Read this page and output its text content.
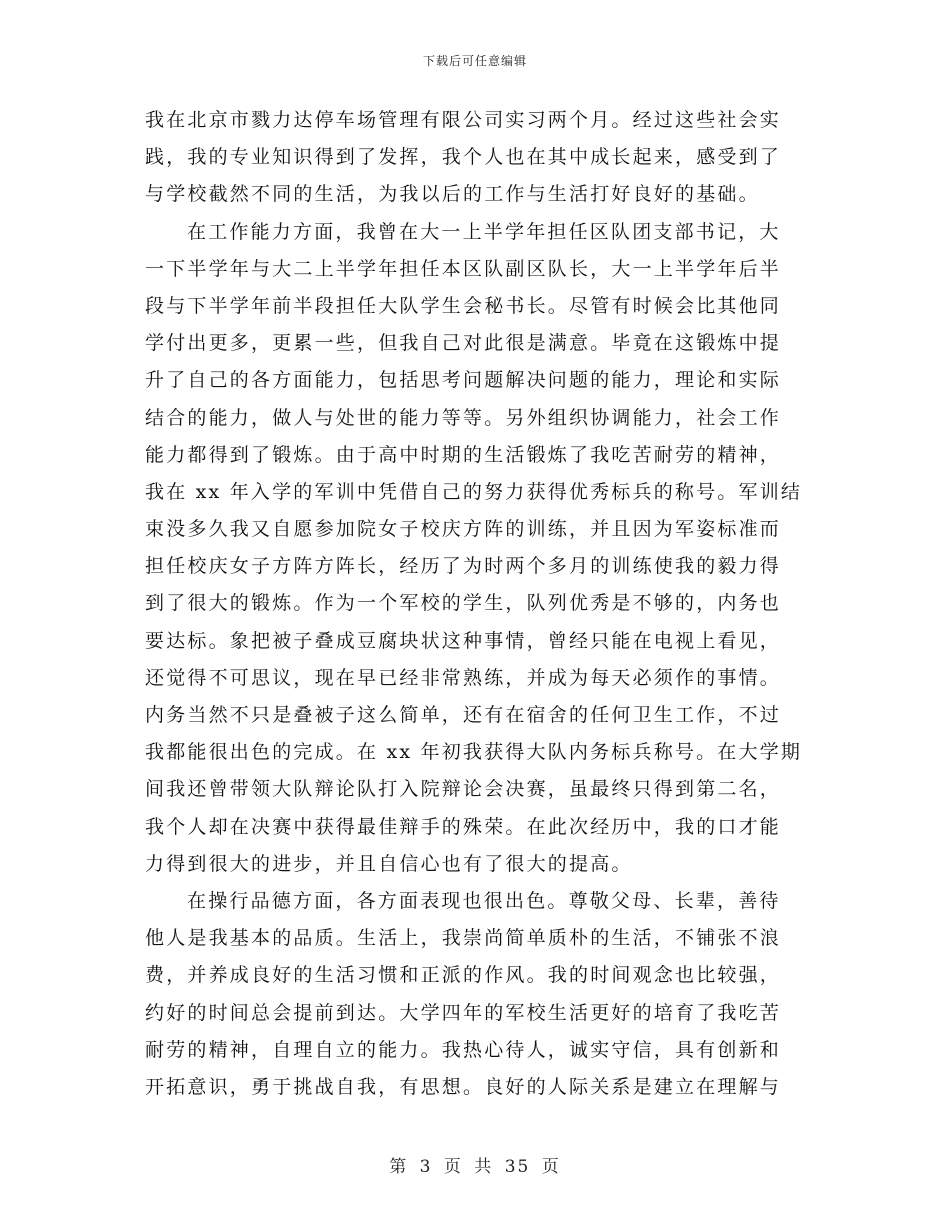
下载后可任意编辑
我在北京市戮力达停车场管理有限公司实习两个月。经过这些社会实
践，我的专业知识得到了发挥，我个人也在其中成长起来，感受到了
与学校截然不同的生活，为我以后的工作与生活打好良好的基础。
在工作能力方面，我曾在大一上半学年担任区队团支部书记，大
一下半学年与大二上半学年担任本区队副区队长，大一上半学年后半
段与下半学年前半段担任大队学生会秘书长。尽管有时候会比其他同
学付出更多，更累一些，但我自己对此很是满意。毕竟在这锻炼中提
升了自己的各方面能力，包括思考问题解决问题的能力，理论和实际
结合的能力，做人与处世的能力等等。另外组织协调能力，社会工作
能力都得到了锻炼。由于高中时期的生活锻炼了我吃苦耐劳的精神，
我在 xx 年入学的军训中凭借自己的努力获得优秀标兵的称号。军训结
束没多久我又自愿参加院女子校庆方阵的训练，并且因为军姿标准而
担任校庆女子方阵方阵长，经历了为时两个多月的训练使我的毅力得
到了很大的锻炼。作为一个军校的学生，队列优秀是不够的，内务也
要达标。象把被子叠成豆腐块状这种事情，曾经只能在电视上看见，
还觉得不可思议，现在早已经非常熟练，并成为每天必须作的事情。
内务当然不只是叠被子这么简单，还有在宿舍的任何卫生工作，不过
我都能很出色的完成。在 xx 年初我获得大队内务标兵称号。在大学期
间我还曾带领大队辩论队打入院辩论会决赛，虽最终只得到第二名，
我个人却在决赛中获得最佳辩手的殊荣。在此次经历中，我的口才能
力得到很大的进步，并且自信心也有了很大的提高。
在操行品德方面，各方面表现也很出色。尊敬父母、长辈，善待
他人是我基本的品质。生活上，我崇尚简单质朴的生活，不铺张不浪
费，并养成良好的生活习惯和正派的作风。我的时间观念也比较强，
约好的时间总会提前到达。大学四年的军校生活更好的培育了我吃苦
耐劳的精神，自理自立的能力。我热心待人，诚实守信，具有创新和
开拓意识，勇于挑战自我，有思想。良好的人际关系是建立在理解与
第 3 页 共 35 页
